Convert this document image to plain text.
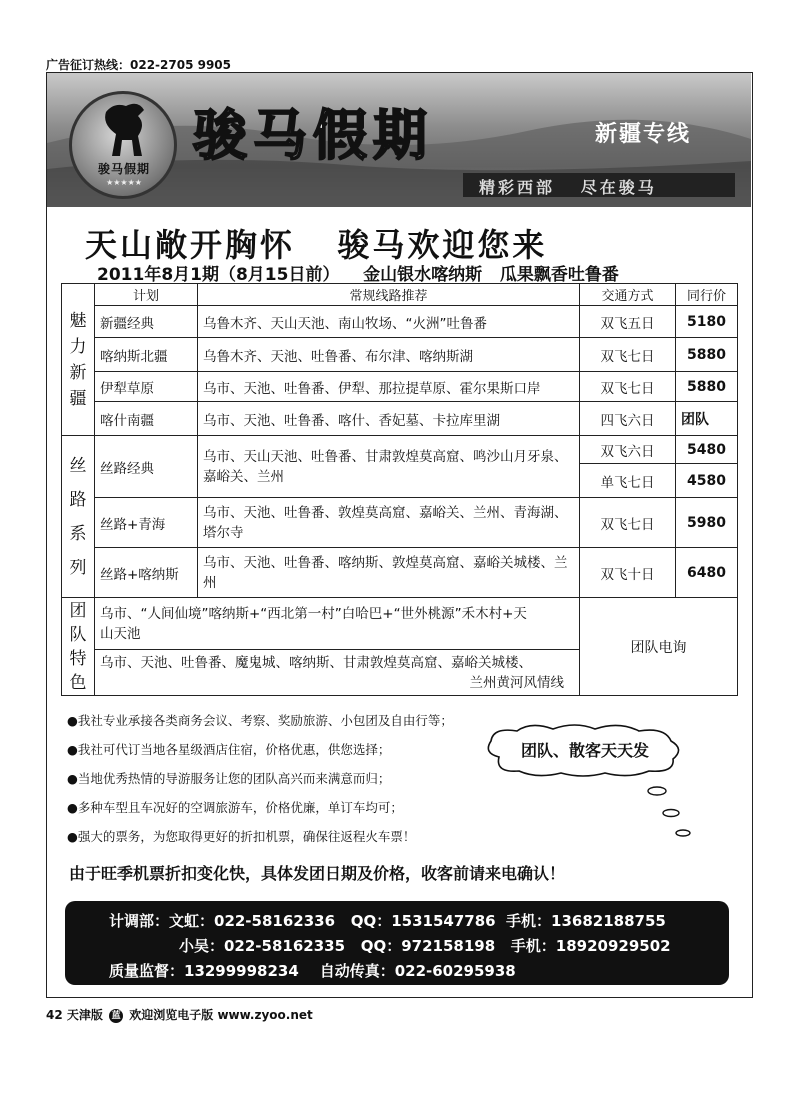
广告征订热线：022-2705 9905
骏马假期
★★★★★
骏马假期	新疆专线
精彩西部   尽在骏马
天山敞开胸怀   骏马欢迎您来
2011年8月1期（8月15日前）    金山银水喀纳斯   瓜果飘香吐鲁番
魅力新疆	计划	常规线路推荐	交通方式	同行价
	新疆经典	乌鲁木齐、天山天池、南山牧场、“火洲”吐鲁番	双飞五日	5180
	喀纳斯北疆	乌鲁木齐、天池、吐鲁番、布尔津、喀纳斯湖	双飞七日	5880
	伊犁草原	乌市、天池、吐鲁番、伊犁、那拉提草原、霍尔果斯口岸	双飞七日	5880
	喀什南疆	乌市、天池、吐鲁番、喀什、香妃墓、卡拉库里湖	四飞六日	团队

丝路系列	丝路经典	乌市、天山天池、吐鲁番、甘肃敦煌莫高窟、鸣沙山月牙泉、嘉峪关、兰州	双飞六日	5480
			单飞七日	4580
	丝路+青海	乌市、天池、吐鲁番、敦煌莫高窟、嘉峪关、兰州、青海湖、塔尔寺	双飞七日	5980
	丝路+喀纳斯	乌市、天池、吐鲁番、喀纳斯、敦煌莫高窟、嘉峪关城楼、兰州	双飞十日	6480

团队特色	乌市、“人间仙境”喀纳斯+“西北第一村”白哈巴+“世外桃源”禾木村+天山天池		团队电询	

	乌市、天池、吐鲁番、魔鬼城、喀纳斯、甘肃敦煌莫高窟、嘉峪关城楼、
兰州黄河风情线			
●我社专业承接各类商务会议、考察、奖励旅游、小包团及自由行等；
●我社可代订当地各星级酒店住宿，价格优惠，供您选择；
●当地优秀热情的导游服务让您的团队高兴而来满意而归；
●多种车型且车况好的空调旅游车，价格优廉，单订车均可；
●强大的票务，为您取得更好的折扣机票，确保往返程火车票！
团队、散客天天发
由于旺季机票折扣变化快，具体发团日期及价格，收客前请来电确认！
计调部：文虹：022-58162336   QQ：1531547786  手机：13682188755
小吴：022-58162335   QQ：972158198   手机：18920929502
质量监督：13299998234    自动传真：022-60295938
42 天津版 蓝 欢迎浏览电子版 www.zyoo.net
